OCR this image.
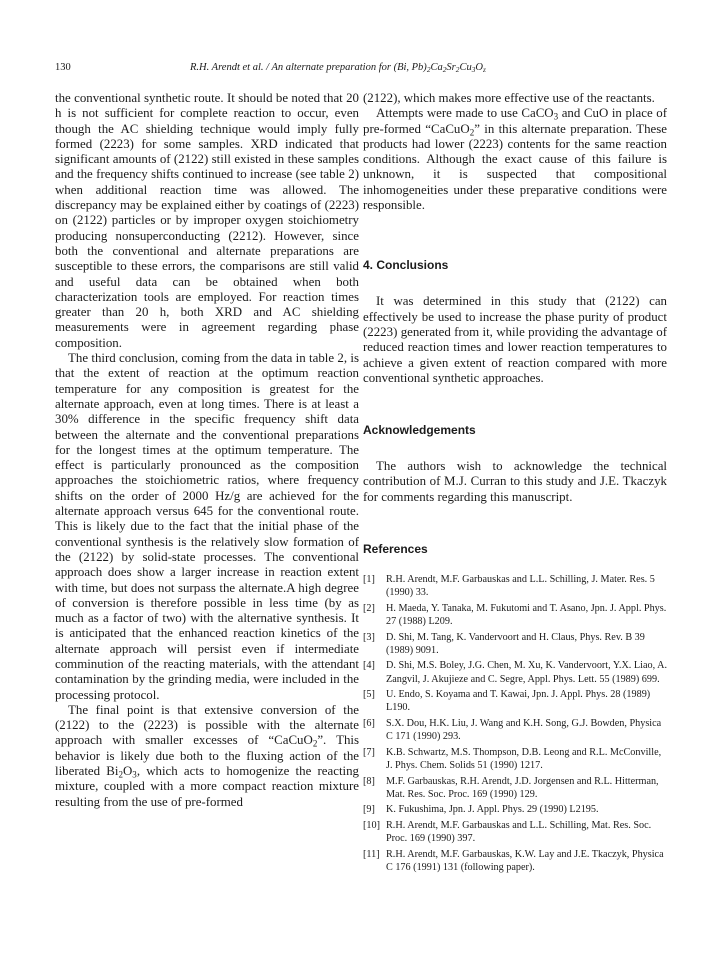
130	R.H. Arendt et al. / An alternate preparation for (Bi, $Pb)_2Ca_2Sr_2Cu_3O_z$

the conventional synthetic route. It should be noted that 20 h is not sufficient for complete reaction to occur, even though the AC shielding technique would imply fully formed (2223) for some samples. XRD indicated that significant amounts of (2122) still existed in these samples and the frequency shifts continued to increase (see table 2) when additional reaction time was allowed. The discrepancy may be explained either by coatings of (2223) on (2122) particles or by improper oxygen stoichiometry producing nonsuperconducting (2212). However, since both the conventional and alternate preparations are susceptible to these errors, the comparisons are still valid and useful data can be obtained when both characterization tools are employed. For reaction times greater than 20 h, both XRD and AC shielding measurements were in agreement regarding phase composition.

The third conclusion, coming from the data in table 2, is that the extent of reaction at the optimum reaction temperature for any composition is greatest for the alternate approach, even at long times. There is at least a 30% difference in the specific frequency shift data between the alternate and the conventional preparations for the longest times at the optimum temperature. The effect is particularly pronounced as the composition approaches the stoichiometric ratios, where frequency shifts on the order of 2000 Hz/g are achieved for the alternate approach versus 645 for the conventional route. This is likely due to the fact that the initial phase of the conventional synthesis is the relatively slow formation of the (2122) by solid-state processes. The conventional approach does show a larger increase in reaction extent with time, but does not surpass the alternate.A high degree of conversion is therefore possible in less time (by as much as a factor of two) with the alternative synthesis. It is anticipated that the enhanced reaction kinetics of the alternate approach will persist even if intermediate comminution of the reacting materials, with the attendant contamination by the grinding media, were included in the processing protocol.

The final point is that extensive conversion of the (2122) to the (2223) is possible with the alternate approach with smaller excesses of “CaCuO$_2$”. This behavior is likely due both to the fluxing action of the liberated $Bi_2O_3$, which acts to homogenize the reacting mixture, coupled with a more compact reaction mixture resulting from the use of pre-formed

(2122), which makes more effective use of the reactants.

Attempts were made to use CaCO$_3$ and CuO in place of pre-formed “CaCuO$_2$” in this alternate preparation. These products had lower (2223) contents for the same reaction conditions. Although the exact cause of this failure is unknown, it is suspected that compositional inhomogeneities under these preparative conditions were responsible.

4. Conclusions

It was determined in this study that (2122) can effectively be used to increase the phase purity of product (2223) generated from it, while providing the advantage of reduced reaction times and lower reaction temperatures to achieve a given extent of reaction compared with more conventional synthetic approaches.

Acknowledgements

The authors wish to acknowledge the technical contribution of M.J. Curran to this study and J.E. Tkaczyk for comments regarding this manuscript.

References
[1] R.H. Arendt, M.F. Garbauskas and L.L. Schilling, J. Mater. Res. 5 (1990) 33.
[2] H. Maeda, Y. Tanaka, M. Fukutomi and T. Asano, Jpn. J. Appl. Phys. 27 (1988) L209.
[3] D. Shi, M. Tang, K. Vandervoort and H. Claus, Phys. Rev. B 39 (1989) 9091.
[4] D. Shi, M.S. Boley, J.G. Chen, M. Xu, K. Vandervoort, Y.X. Liao, A. Zangvil, J. Akujieze and C. Segre, Appl. Phys. Lett. 55 (1989) 699.
[5] U. Endo, S. Koyama and T. Kawai, Jpn. J. Appl. Phys. 28 (1989) L190.
[6] S.X. Dou, H.K. Liu, J. Wang and K.H. Song, G.J. Bowden, Physica C 171 (1990) 293.
[7] K.B. Schwartz, M.S. Thompson, D.B. Leong and R.L. McConville, J. Phys. Chem. Solids 51 (1990) 1217.
[8] M.F. Garbauskas, R.H. Arendt, J.D. Jorgensen and R.L. Hitterman, Mat. Res. Soc. Proc. 169 (1990) 129.
[9] K. Fukushima, Jpn. J. Appl. Phys. 29 (1990) L2195.
[10] R.H. Arendt, M.F. Garbauskas and L.L. Schilling, Mat. Res. Soc. Proc. 169 (1990) 397.
[11] R.H. Arendt, M.F. Garbauskas, K.W. Lay and J.E. Tkaczyk, Physica C 176 (1991) 131 (following paper).
